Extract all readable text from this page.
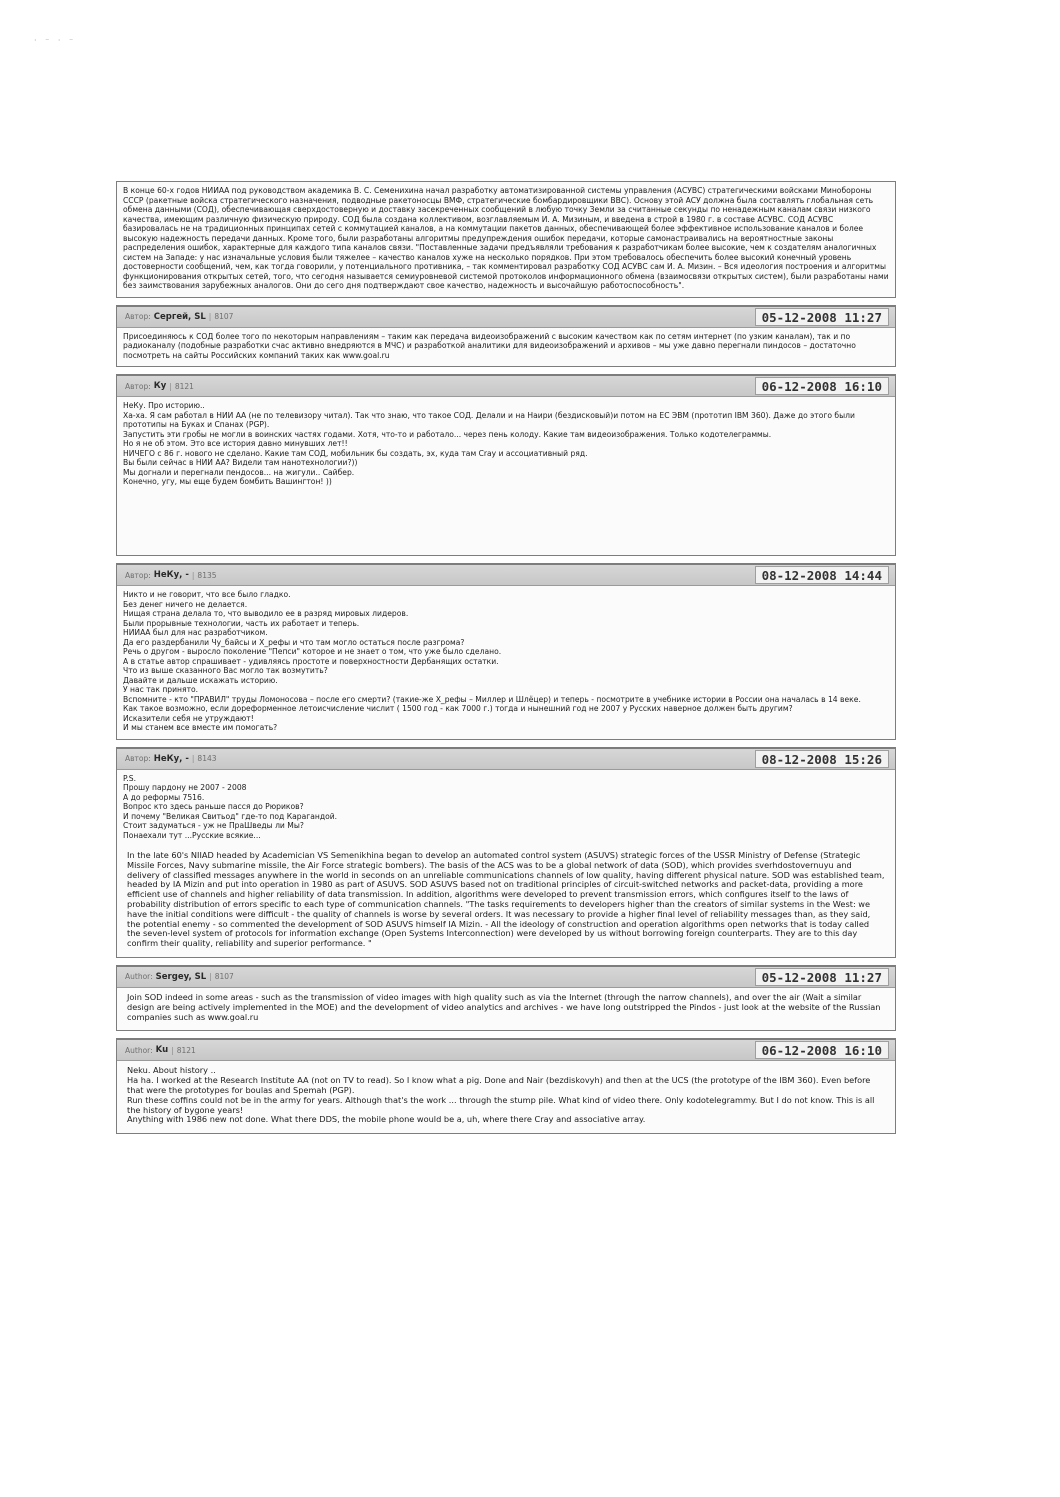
· ⁻ · ⁻
В конце 60-х годов НИИАА под руководством академика В. С. Семенихина начал разработку автоматизированной системы управления (АСУВС) стратегическими войсками Минобороны СССР (ракетные войска стратегического назначения, подводные ракетоносцы ВМФ, стратегические бомбардировщики ВВС). Основу этой АСУ должна была составлять глобальная сеть обмена данными (СОД), обеспечивающая сверхдостоверную и доставку засекреченных сообщений в любую точку Земли за считанные секунды по ненадежным каналам связи низкого качества, имеющим различную физическую природу. СОД была создана коллективом, возглавляемым И. А. Мизиным, и введена в строй в 1980 г. в составе АСУВС. СОД АСУВС базировалась не на традиционных принципах сетей с коммутацией каналов, а на коммутации пакетов данных, обеспечивающей более эффективное использование каналов и более высокую надежность передачи данных. Кроме того, были разработаны алгоритмы предупреждения ошибок передачи, которые самонастраивались на вероятностные законы распределения ошибок, характерные для каждого типа каналов связи. "Поставленные задачи предъявляли требования к разработчикам более высокие, чем к создателям аналогичных систем на Западе: у нас изначальные условия были тяжелее – качество каналов хуже на несколько порядков. При этом требовалось обеспечить более высокий конечный уровень достоверности сообщений, чем, как тогда говорили, у потенциального противника, – так комментировал разработку СОД АСУВС сам И. А. Мизин. – Вся идеология построения и алгоритмы функционирования открытых сетей, того, что сегодня называется семиуровневой системой протоколов информационного обмена (взаимосвязи открытых систем), были разработаны нами без заимствования зарубежных аналогов. Они до сего дня подтверждают свое качество, надежность и высочайшую работоспособность".
Автор: Сергей, SL | 8107	05-12-2008 11:27
Присоединяюсь к СОД более того по некоторым направлениям – таким как передача видеоизображений с высоким качеством как по сетям интернет (по узким каналам), так и по радиоканалу (подобные разработки счас активно внедряются в МЧС) и разработкой аналитики для видеоизображений и архивов – мы уже давно перегнали пиндосов – достаточно посмотреть на сайты Российских компаний таких как www.goal.ru
Автор: Ку | 8121	06-12-2008 16:10
НеКу. Про историю..
Ха-ха. Я сам работал в НИИ АА (не по телевизору читал). Так что знаю, что такое СОД. Делали и на Наири (бездисковый)и потом на ЕС ЭВМ (прототип IBM 360). Даже до этого были прототипы на Буках и Спанах (PGP).
Запустить эти гробы не могли в воинских частях годами. Хотя, что-то и работало... через пень колоду. Какие там видеоизображения. Только кодотелеграммы.
Но я не об этом. Это все история давно минувших лет!!
НИЧЕГО с 86 г. нового не сделано. Какие там СОД, мобильник бы создать, эх, куда там Cray и ассоциативный ряд.
Вы были сейчас в НИИ АА? Видели там нанотехнологии?))
Мы догнали и перегнали пендосов... на жигули.. Сайбер.
Конечно, угу, мы еще будем бомбить Вашингтон! ))
Автор: НеКу, - | 8135	08-12-2008 14:44
Никто и не говорит, что все было гладко.
Без денег ничего не делается.
Нищая страна делала то, что выводило ее в разряд мировых лидеров.
Были прорывные технологии, часть их работает и теперь.
НИИАА был для нас разработчиком.
Да его раздербанили Чу_байсы и Х_рефы и что там могло остаться после разгрома?
Речь о другом - выросло поколение "Пепси" которое и не знает о том, что уже было сделано.
А в статье автор спрашивает - удивляясь простоте и поверхностности Дербанящих остатки.
Что из выше сказанного Вас могло так возмутить?
Давайте и дальше искажать историю.
У нас так принято.
Вспомните - кто "ПРАВИЛ" труды Ломоносова – после его смерти? (такие-же Х_рефы – Миллер и Шлёцер) и теперь - посмотрите в учебнике истории в России она началась в 14 веке.
Как такое возможно, если дореформенное летоисчисление числит ( 1500 год - как 7000 г.) тогда и нынешний год не 2007 у Русских наверное должен быть другим?
Исказители себя не утруждают!
И мы станем все вместе им помогать?
Автор: НеКу, - | 8143	08-12-2008 15:26
P.S.
Прошу пардону не 2007 - 2008
А до реформы 7516.
Вопрос кто здесь раньше пасся до Рюриков?
И почему "Великая Свитьод" где-то под Карагандой.
Стоит задуматься - уж не ПраШведы ли Мы?
Понаехали тут ...Русские всякие...
In the late 60's NIIAD headed by Academician VS Semenikhina began to develop an automated control system (ASUVS) strategic forces of the USSR Ministry of Defense (Strategic Missile Forces, Navy submarine missile, the Air Force strategic bombers). The basis of the ACS was to be a global network of data (SOD), which provides sverhdostovernuyu and delivery of classified messages anywhere in the world in seconds on an unreliable communications channels of low quality, having different physical nature. SOD was established team, headed by IA Mizin and put into operation in 1980 as part of ASUVS. SOD ASUVS based not on traditional principles of circuit-switched networks and packet-data, providing a more efficient use of channels and higher reliability of data transmission. In addition, algorithms were developed to prevent transmission errors, which configures itself to the laws of probability distribution of errors specific to each type of communication channels. "The tasks requirements to developers higher than the creators of similar systems in the West: we have the initial conditions were difficult - the quality of channels is worse by several orders. It was necessary to provide a higher final level of reliability messages than, as they said, the potential enemy - so commented the development of SOD ASUVS himself IA Mizin. - All the ideology of construction and operation algorithms open networks that is today called the seven-level system of protocols for information exchange (Open Systems Interconnection) were developed by us without borrowing foreign counterparts. They are to this day confirm their quality, reliability and superior performance. "
Author: Sergey, SL | 8107	05-12-2008 11:27
Join SOD indeed in some areas - such as the transmission of video images with high quality such as via the Internet (through the narrow channels), and over the air (Wait a similar design are being actively implemented in the MOE) and the development of video analytics and archives - we have long outstripped the Pindos - just look at the website of the Russian companies such as www.goal.ru
Author: Ku | 8121	06-12-2008 16:10
Neku. About history ..
Ha ha. I worked at the Research Institute AA (not on TV to read). So I know what a pig. Done and Nair (bezdiskovyh) and then at the UCS (the prototype of the IBM 360). Even before that were the prototypes for boulas and Spemah (PGP).
Run these coffins could not be in the army for years. Although that's the work ... through the stump pile. What kind of video there. Only kodotelegrammy. But I do not know. This is all the history of bygone years!
Anything with 1986 new not done. What there DDS, the mobile phone would be a, uh, where there Cray and associative array.
